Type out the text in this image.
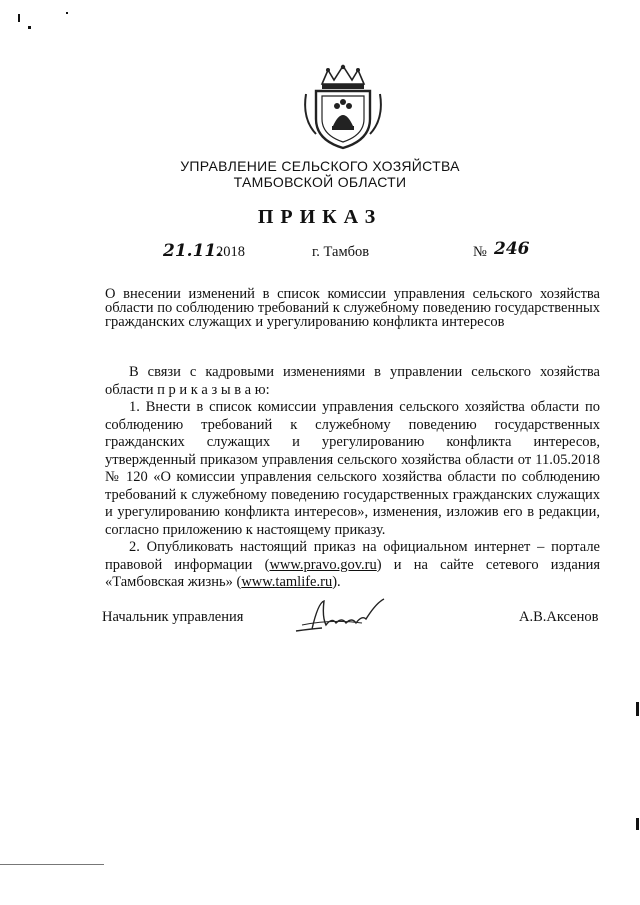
УПРАВЛЕНИЕ СЕЛЬСКОГО ХОЗЯЙСТВА
ТАМБОВСКОЙ ОБЛАСТИ
ПРИКАЗ
21.11.
2018	г. Тамбов	№ 246
О внесении изменений в список комиссии управления сельского хозяйства области по соблюдению требований к служебному поведению государственных гражданских служащих и урегулированию конфликта интересов

В связи с кадровыми изменениями в управлении сельского хозяйства области п р и к а з ы в а ю:

1. Внести в список комиссии управления сельского хозяйства области по соблюдению требований к служебному поведению государственных гражданских служащих и урегулированию конфликта интересов, утвержденный приказом управления сельского хозяйства области от 11.05.2018 № 120 «О комиссии управления сельского хозяйства области по соблюдению требований к служебному поведению государственных гражданских служащих и урегулированию конфликта интересов», изменения, изложив его в редакции, согласно приложению к настоящему приказу.

2. Опубликовать настоящий приказ на официальном интернет – портале правовой информации (www.pravo.gov.ru) и на сайте сетевого издания «Тамбовская жизнь» (www.tamlife.ru).

Начальник управления	А.В.Аксенов
